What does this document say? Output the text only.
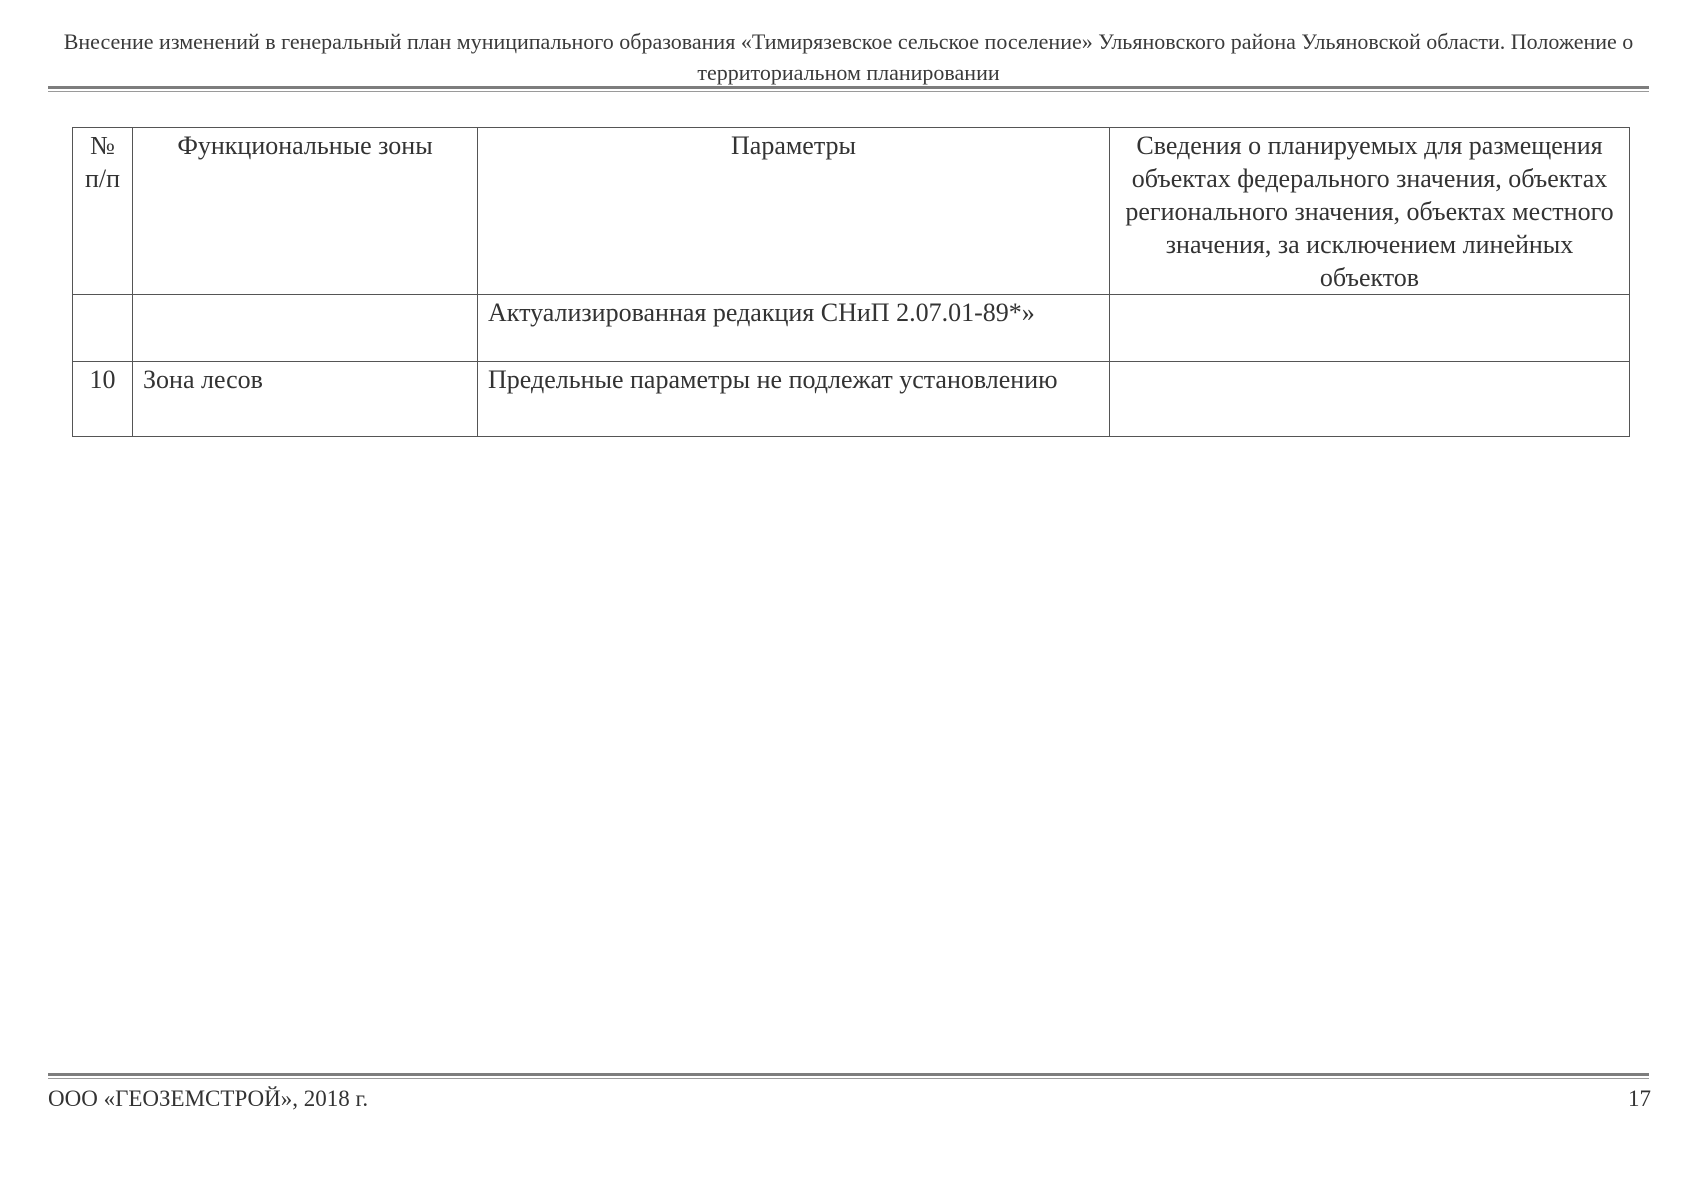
Внесение изменений в генеральный план муниципального образования «Тимирязевское сельское поселение» Ульяновского района Ульяновской области. Положение о территориальном планировании
№ п/п	Функциональные зоны	Параметры	Сведения о планируемых для размещения объектах федерального значения, объектах регионального значения, объектах местного значения, за исключением линейных объектов
		Актуализированная редакция СНиП 2.07.01-89*»	
10	Зона лесов	Предельные параметры не подлежат установлению	
ООО «ГЕОЗЕМСТРОЙ», 2018 г.	17
